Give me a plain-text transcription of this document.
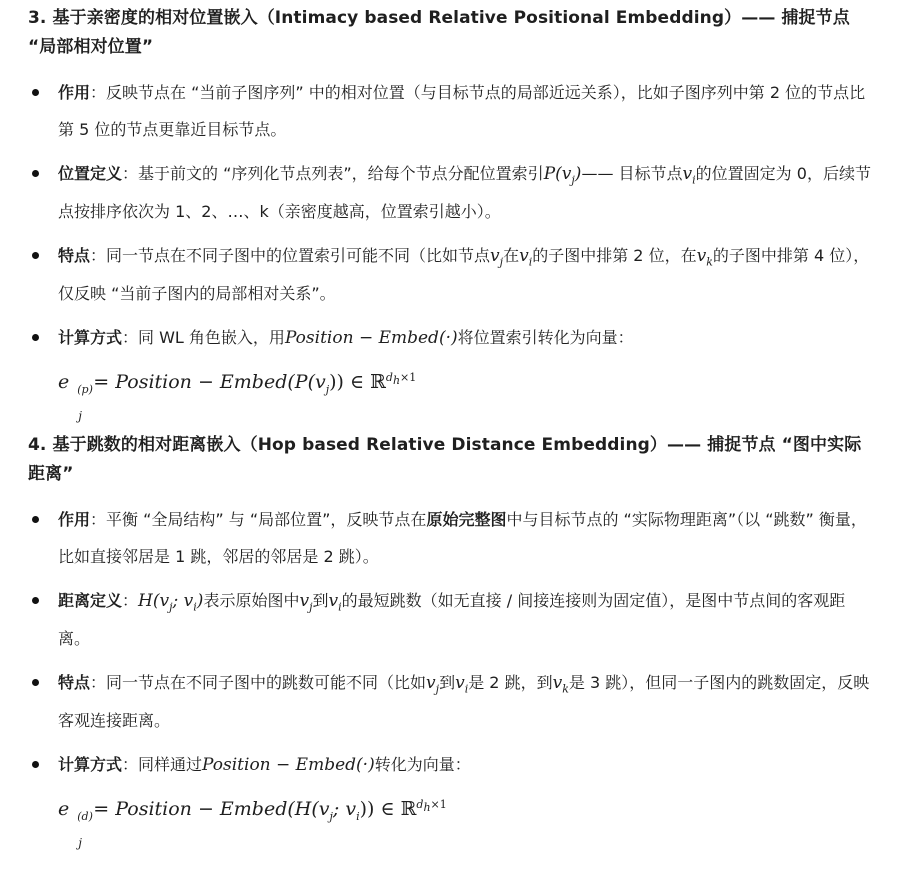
3. 基于亲密度的相对位置嵌入（Intimacy based Relative Positional Embedding）—— 捕捉节点 “局部相对位置”
作用：反映节点在 “当前子图序列” 中的相对位置（与目标节点的局部近远关系），比如子图序列中第 2 位的节点比第 5 位的节点更靠近目标节点。
位置定义：基于前文的 “序列化节点列表”，给每个节点分配位置索引$P(v_j)——$ 目标节点$v_i$的位置固定为 0，后续节点按排序依次为 1、2、…、k（亲密度越高，位置索引越小）。
特点：同一节点在不同子图中的位置索引可能不同（比如节点$v_j$在$v_i$的子图中排第 2 位，在$v_k$的子图中排第 4 位），仅反映 “当前子图内的局部相对关系”。
计算方式：同 WL 角色嵌入，用Position − Embed(·)将位置索引转化为向量：
e (p)
j
= Position − $Embed(P(v_j))$ ∈ ℝ$^{d_h\times 1}$
4. 基于跳数的相对距离嵌入（Hop based Relative Distance Embedding）—— 捕捉节点 “图中实际距离”
作用：平衡 “全局结构” 与 “局部位置”，反映节点在原始完整图中与目标节点的 “实际物理距离”（以 “跳数” 衡量，比如直接邻居是 1 跳，邻居的邻居是 2 跳）。
距离定义：$H(v_j$; $v_i$)表示原始图中$v_j$到$v_i$的最短跳数（如无直接 / 间接连接则为固定值），是图中节点间的客观距离。
特点：同一节点在不同子图中的跳数可能不同（比如$v_j$到$v_i$是 2 跳，到$v_k$是 3 跳），但同一子图内的跳数固定，反映客观连接距离。
计算方式：同样通过Position − Embed(·)转化为向量：
e (d)
j
= Position − $Embed(H(v_j$; $v_i$)) ∈ ℝ$^{d_h\times 1}$
